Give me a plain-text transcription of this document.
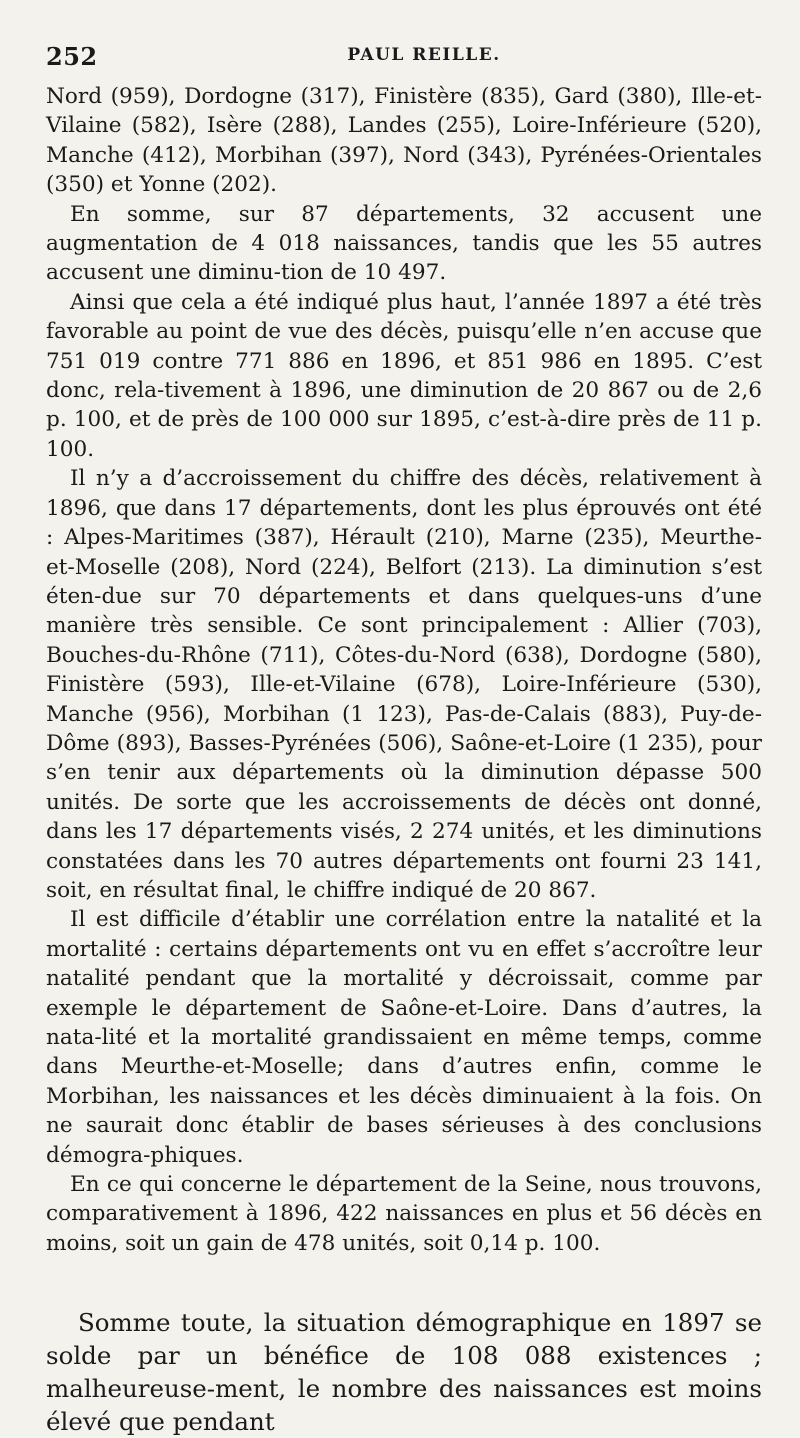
252	PAUL REILLE.

Nord (959), Dordogne (317), Finistère (835), Gard (380), Ille-et-Vilaine (582), Isère (288), Landes (255), Loire-Inférieure (520), Manche (412), Morbihan (397), Nord (343), Pyrénées-Orientales (350) et Yonne (202).

En somme, sur 87 départements, 32 accusent une augmentation de 4 018 naissances, tandis que les 55 autres accusent une diminu-tion de 10 497.

Ainsi que cela a été indiqué plus haut, l’année 1897 a été très favorable au point de vue des décès, puisqu’elle n’en accuse que 751 019 contre 771 886 en 1896, et 851 986 en 1895. C’est donc, rela-tivement à 1896, une diminution de 20 867 ou de 2,6 p. 100, et de près de 100 000 sur 1895, c’est-à-dire près de 11 p. 100.

Il n’y a d’accroissement du chiffre des décès, relativement à 1896, que dans 17 départements, dont les plus éprouvés ont été : Alpes-Maritimes (387), Hérault (210), Marne (235), Meurthe-et-Moselle (208), Nord (224), Belfort (213). La diminution s’est éten-due sur 70 départements et dans quelques-uns d’une manière très sensible. Ce sont principalement : Allier (703), Bouches-du-Rhône (711), Côtes-du-Nord (638), Dordogne (580), Finistère (593), Ille-et-Vilaine (678), Loire-Inférieure (530), Manche (956), Morbihan (1 123), Pas-de-Calais (883), Puy-de-Dôme (893), Basses-Pyrénées (506), Saône-et-Loire (1 235), pour s’en tenir aux départements où la diminution dépasse 500 unités. De sorte que les accroissements de décès ont donné, dans les 17 départements visés, 2 274 unités, et les diminutions constatées dans les 70 autres départements ont fourni 23 141, soit, en résultat final, le chiffre indiqué de 20 867.

Il est difficile d’établir une corrélation entre la natalité et la mortalité : certains départements ont vu en effet s’accroître leur natalité pendant que la mortalité y décroissait, comme par exemple le département de Saône-et-Loire. Dans d’autres, la nata-lité et la mortalité grandissaient en même temps, comme dans Meurthe-et-Moselle; dans d’autres enfin, comme le Morbihan, les naissances et les décès diminuaient à la fois. On ne saurait donc établir de bases sérieuses à des conclusions démogra-phiques.

En ce qui concerne le département de la Seine, nous trouvons, comparativement à 1896, 422 naissances en plus et 56 décès en moins, soit un gain de 478 unités, soit 0,14 p. 100.

Somme toute, la situation démographique en 1897 se solde par un bénéfice de 108 088 existences ; malheureuse-ment, le nombre des naissances est moins élevé que pendant
